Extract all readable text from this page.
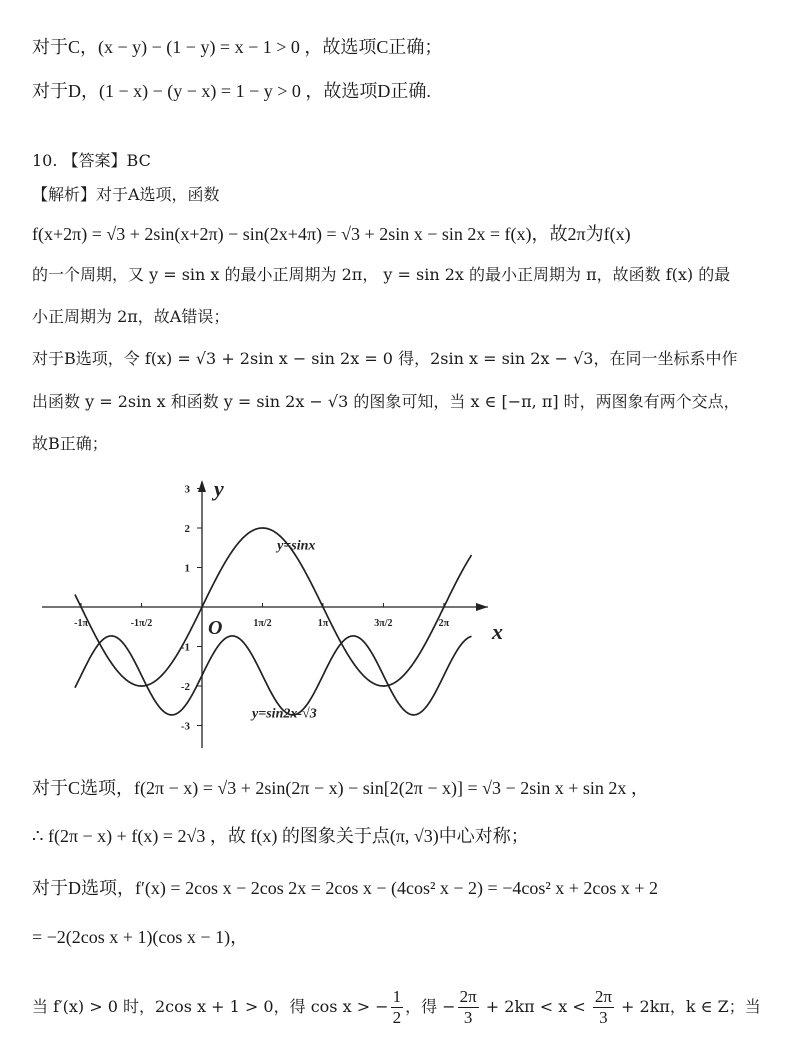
对于C，(x − y) − (1 − y) = x − 1 > 0 ，故选项C正确；
对于D，(1 − x) − (y − x) = 1 − y > 0 ，故选项D正确.
10. 【答案】BC
【解析】对于A选项，函数
f(x+2π) = √3 + 2sin(x+2π) − sin(2x+4π) = √3 + 2sin x − sin 2x = f(x)，故2π为f(x)
的一个周期，又 y = sin x 的最小正周期为 2π， y = sin 2x 的最小正周期为 π，故函数 f(x) 的最
小正周期为 2π，故A错误；
对于B选项，令 f(x) = √3 + 2sin x − sin 2x = 0 得，2sin x = sin 2x − √3，在同一坐标系中作
出函数 y = 2sin x 和函数 y = sin 2x − √3 的图象可知，当 x ∈ [−π, π] 时，两图象有两个交点，
故B正确；
-1π	-1π/2	1π/2	1π	3π/2	2π
3
2
1
-1
-2
-3
x
y
O
y=sinx
y=sin2x-√3
对于C选项，f(2π − x) = √3 + 2sin(2π − x) − sin[2(2π − x)] = √3 − 2sin x + sin 2x ，
∴ f(2π − x) + f(x) = 2√3 ，故 f(x) 的图象关于点(π, √3)中心对称；
对于D选项，f′(x) = 2cos x − 2cos 2x = 2cos x − (4cos² x − 2) = −4cos² x + 2cos x + 2
= −2(2cos x + 1)(cos x − 1)，
当 f′(x) > 0 时，2cos x + 1 > 0，得 cos x > − $\frac{1}{2}$ ，得 − $\frac{2\pi}{3} + 2k\pi < x < \frac{2\pi}{3} + 2k\pi$，k ∈ Z；当
